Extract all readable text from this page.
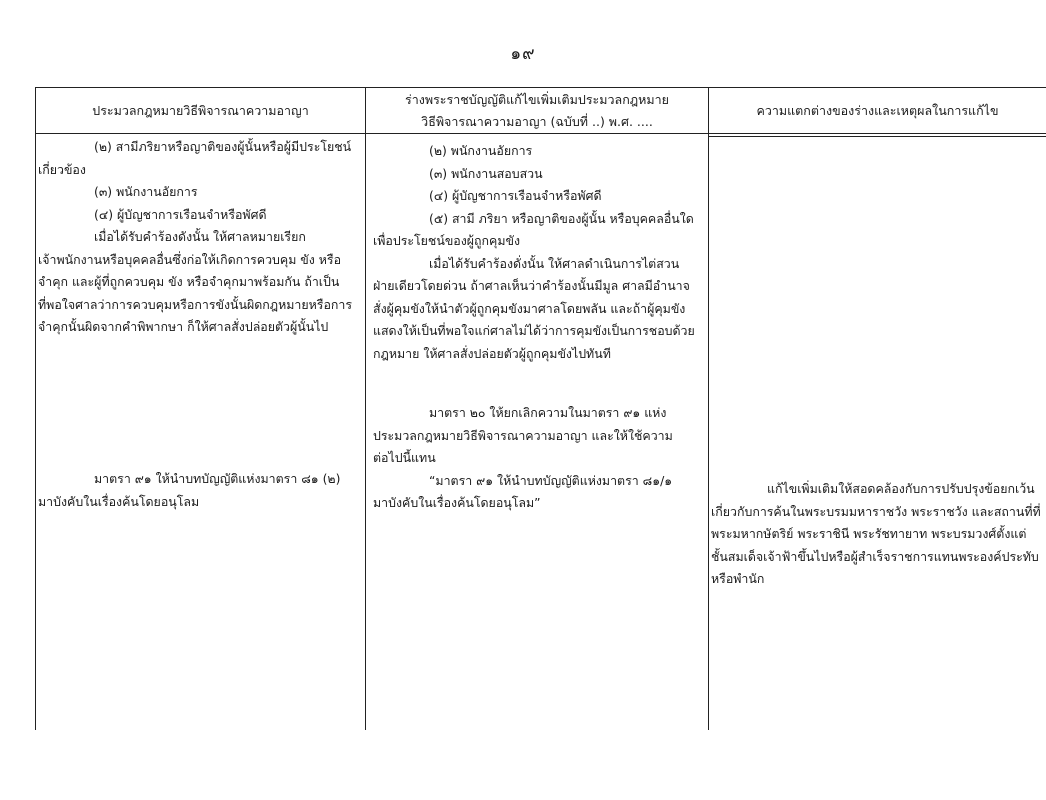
๑๙
ประมวลกฎหมายวิธีพิจารณาความอาญา
ร่างพระราชบัญญัติแก้ไขเพิ่มเติมประมวลกฎหมาย
วิธีพิจารณาความอาญา (ฉบับที่ ..) พ.ศ. ....
ความแตกต่างของร่างและเหตุผลในการแก้ไข
(๒) สามีภริยาหรือญาติของผู้นั้นหรือผู้มีประโยชน์
เกี่ยวข้อง
(๓) พนักงานอัยการ
(๔) ผู้บัญชาการเรือนจำหรือพัศดี
เมื่อได้รับคำร้องดังนั้น ให้ศาลหมายเรียก
เจ้าพนักงานหรือบุคคลอื่นซึ่งก่อให้เกิดการควบคุม ขัง หรือ
จำคุก และผู้ที่ถูกควบคุม ขัง หรือจำคุกมาพร้อมกัน ถ้าเป็น
ที่พอใจศาลว่าการควบคุมหรือการขังนั้นผิดกฎหมายหรือการ
จำคุกนั้นผิดจากคำพิพากษา ก็ให้ศาลสั่งปล่อยตัวผู้นั้นไป
มาตรา ๙๑ ให้นำบทบัญญัติแห่งมาตรา ๘๑ (๒)
มาบังคับในเรื่องค้นโดยอนุโลม
(๒) พนักงานอัยการ
(๓) พนักงานสอบสวน
(๔) ผู้บัญชาการเรือนจำหรือพัศดี
(๕) สามี ภริยา หรือญาติของผู้นั้น หรือบุคคลอื่นใด
เพื่อประโยชน์ของผู้ถูกคุมขัง
เมื่อได้รับคำร้องดั่งนั้น ให้ศาลดำเนินการไต่สวน
ฝ่ายเดียวโดยด่วน ถ้าศาลเห็นว่าคำร้องนั้นมีมูล ศาลมีอำนาจ
สั่งผู้คุมขังให้นำตัวผู้ถูกคุมขังมาศาลโดยพลัน และถ้าผู้คุมขัง
แสดงให้เป็นที่พอใจแก่ศาลไม่ได้ว่าการคุมขังเป็นการชอบด้วย
กฎหมาย ให้ศาลสั่งปล่อยตัวผู้ถูกคุมขังไปทันที
มาตรา ๒๐ ให้ยกเลิกความในมาตรา ๙๑ แห่ง
ประมวลกฎหมายวิธีพิจารณาความอาญา และให้ใช้ความ
ต่อไปนี้แทน
“มาตรา ๙๑ ให้นำบทบัญญัติแห่งมาตรา ๘๑/๑
มาบังคับในเรื่องค้นโดยอนุโลม”
แก้ไขเพิ่มเติมให้สอดคล้องกับการปรับปรุงข้อยกเว้น
เกี่ยวกับการค้นในพระบรมมหาราชวัง พระราชวัง และสถานที่ที่
พระมหากษัตริย์ พระราชินี พระรัชทายาท พระบรมวงศ์ตั้งแต่
ชั้นสมเด็จเจ้าฟ้าขึ้นไปหรือผู้สำเร็จราชการแทนพระองค์ประทับ
หรือพำนัก
